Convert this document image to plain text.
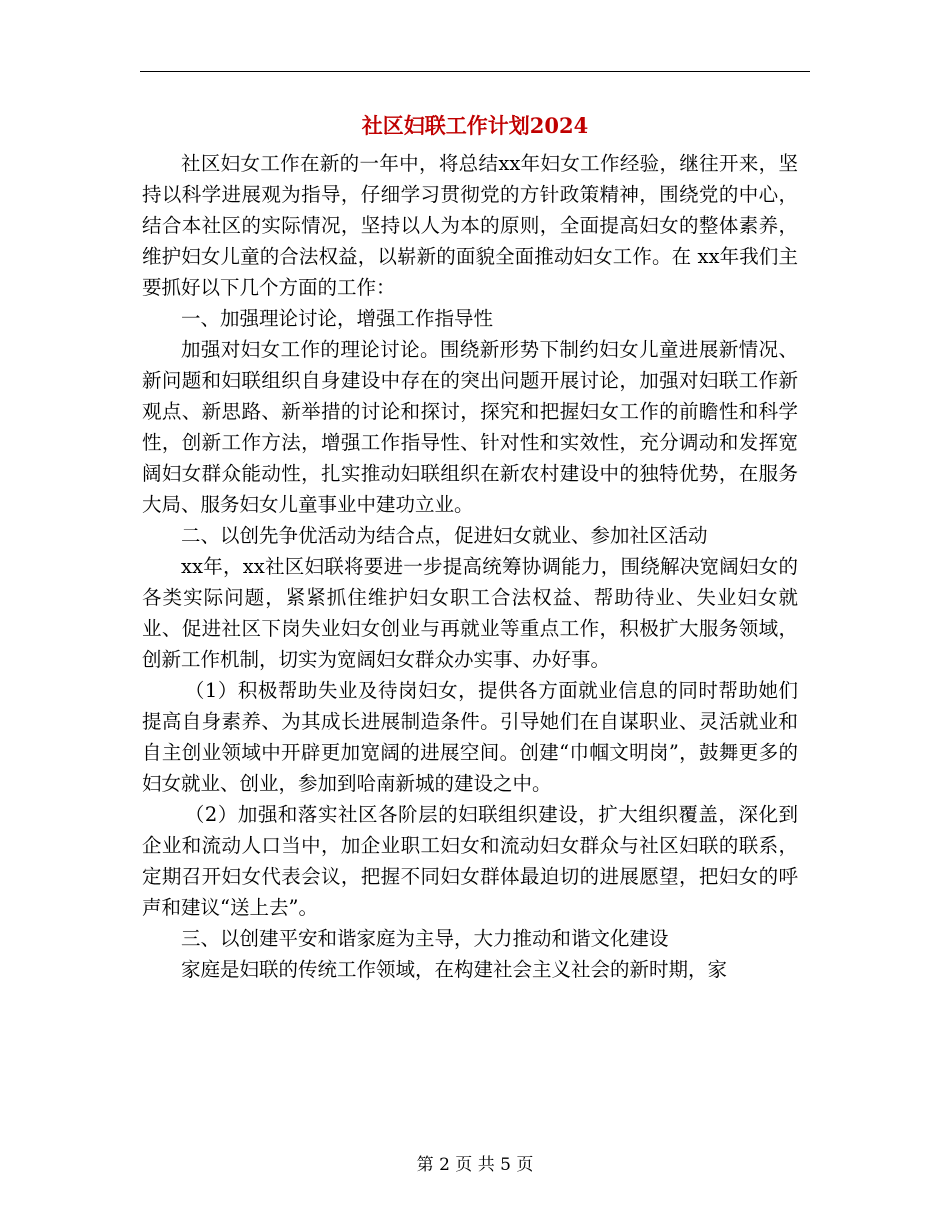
社区妇联工作计划2024

社区妇女工作在新的一年中，将总结xx年妇女工作经验，继往开来，坚持以科学进展观为指导，仔细学习贯彻党的方针政策精神，围绕党的中心，结合本社区的实际情况，坚持以人为本的原则，全面提高妇女的整体素养，维护妇女儿童的合法权益，以崭新的面貌全面推动妇女工作。在 xx年我们主要抓好以下几个方面的工作：

一、加强理论讨论，增强工作指导性

加强对妇女工作的理论讨论。围绕新形势下制约妇女儿童进展新情况、新问题和妇联组织自身建设中存在的突出问题开展讨论，加强对妇联工作新观点、新思路、新举措的讨论和探讨，探究和把握妇女工作的前瞻性和科学性，创新工作方法，增强工作指导性、针对性和实效性，充分调动和发挥宽阔妇女群众能动性，扎实推动妇联组织在新农村建设中的独特优势，在服务大局、服务妇女儿童事业中建功立业。

二、以创先争优活动为结合点，促进妇女就业、参加社区活动

xx年，xx社区妇联将要进一步提高统筹协调能力，围绕解决宽阔妇女的各类实际问题，紧紧抓住维护妇女职工合法权益、帮助待业、失业妇女就业、促进社区下岗失业妇女创业与再就业等重点工作，积极扩大服务领域，创新工作机制，切实为宽阔妇女群众办实事、办好事。

（1）积极帮助失业及待岗妇女，提供各方面就业信息的同时帮助她们提高自身素养、为其成长进展制造条件。引导她们在自谋职业、灵活就业和自主创业领域中开辟更加宽阔的进展空间。创建“巾帼文明岗”，鼓舞更多的妇女就业、创业，参加到哈南新城的建设之中。

（2）加强和落实社区各阶层的妇联组织建设，扩大组织覆盖，深化到企业和流动人口当中，加企业职工妇女和流动妇女群众与社区妇联的联系，定期召开妇女代表会议，把握不同妇女群体最迫切的进展愿望，把妇女的呼声和建议“送上去”。

三、以创建平安和谐家庭为主导，大力推动和谐文化建设

家庭是妇联的传统工作领域，在构建社会主义社会的新时期，家

第 2 页 共 5 页
